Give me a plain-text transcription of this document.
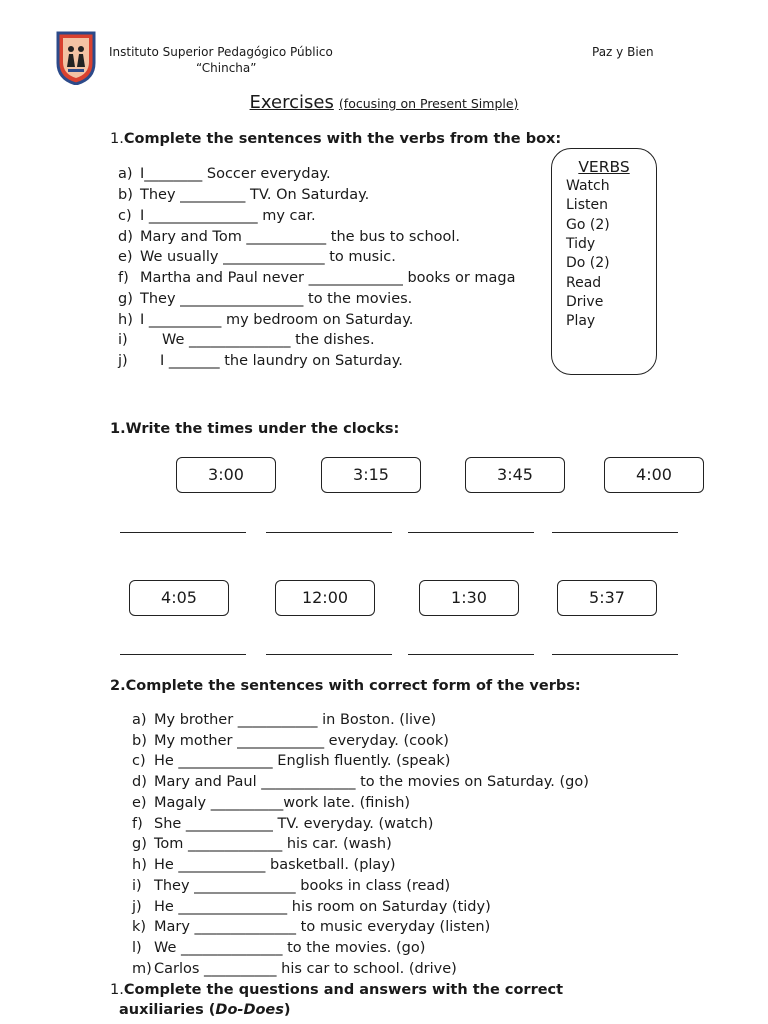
Instituto Superior Pedagógico Público
“Chincha”
Paz y Bien
Exercises (focusing on Present Simple)
1.Complete the sentences with the verbs from the box:
a) I________ Soccer everyday.
b) They _________ TV. On Saturday.
c) I _______________ my car.
d) Mary and Tom ___________ the bus to school.
e) We usually ______________ to music.
f) Martha and Paul never _____________ books or maga
g) They _________________ to the movies.
h) I __________ my bedroom on Saturday.
i) We ______________ the dishes.
j) I _______ the laundry on Saturday.
VERBS
Watch
Listen
Go (2)
Tidy
Do (2)
Read
Drive
Play
1.Write the times under the clocks:
3:00	3:15	3:45	4:00
4:05	12:00	1:30	5:37
2.Complete the sentences with correct form of the verbs:
a) My brother ___________ in Boston. (live)
b) My mother ____________ everyday. (cook)
c) He _____________ English fluently. (speak)
d) Mary and Paul _____________ to the movies on Saturday. (go)
e) Magaly __________work late. (finish)
f) She ____________ TV. everyday. (watch)
g) Tom _____________ his car. (wash)
h) He ____________ basketball. (play)
i) They ______________ books in class (read)
j) He _______________ his room on Saturday (tidy)
k) Mary ______________ to music everyday (listen)
l) We ______________ to the movies. (go)
m) Carlos __________ his car to school. (drive)
1.Complete the questions and answers with the correct
auxiliaries (Do-Does)
